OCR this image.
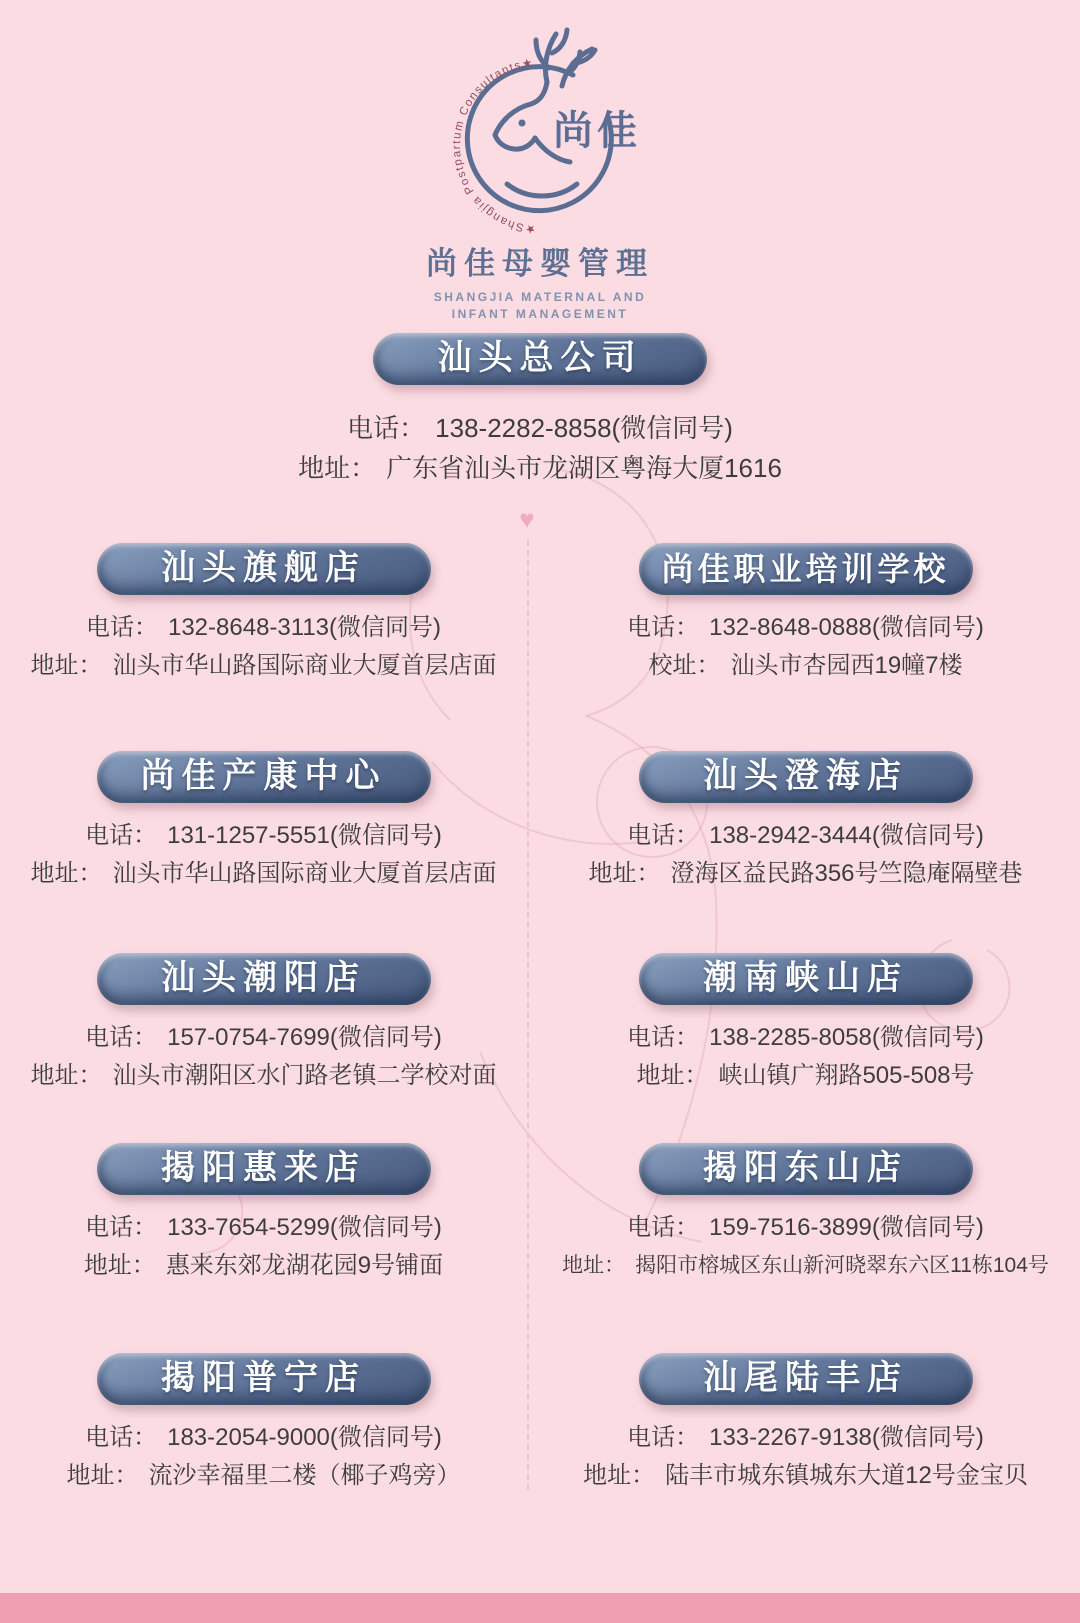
尚佳
★Shangjia Postpartum Consultants★
尚佳母婴管理
SHANGJIA MATERNAL AND
INFANT MANAGEMENT
汕头总公司

电话： 138-2282-8858(微信同号)

地址： 广东省汕头市龙湖区粤海大厦1616

♥
汕头旗舰店

电话： 132-8648-3113(微信同号)

地址： 汕头市华山路国际商业大厦首层店面

尚佳产康中心

电话： 131-1257-5551(微信同号)

地址： 汕头市华山路国际商业大厦首层店面

汕头潮阳店

电话： 157-0754-7699(微信同号)

地址： 汕头市潮阳区水门路老镇二学校对面

揭阳惠来店

电话： 133-7654-5299(微信同号)

地址： 惠来东郊龙湖花园9号铺面

揭阳普宁店

电话： 183-2054-9000(微信同号)

地址： 流沙幸福里二楼（椰子鸡旁）

尚佳职业培训学校

电话： 132-8648-0888(微信同号)

校址： 汕头市杏园西19幢7楼

汕头澄海店

电话： 138-2942-3444(微信同号)

地址： 澄海区益民路356号竺隐庵隔壁巷

潮南峡山店

电话： 138-2285-8058(微信同号)

地址： 峡山镇广翔路505-508号

揭阳东山店

电话： 159-7516-3899(微信同号)

地址： 揭阳市榕城区东山新河晓翠东六区11栋104号

汕尾陆丰店

电话： 133-2267-9138(微信同号)

地址： 陆丰市城东镇城东大道12号金宝贝
